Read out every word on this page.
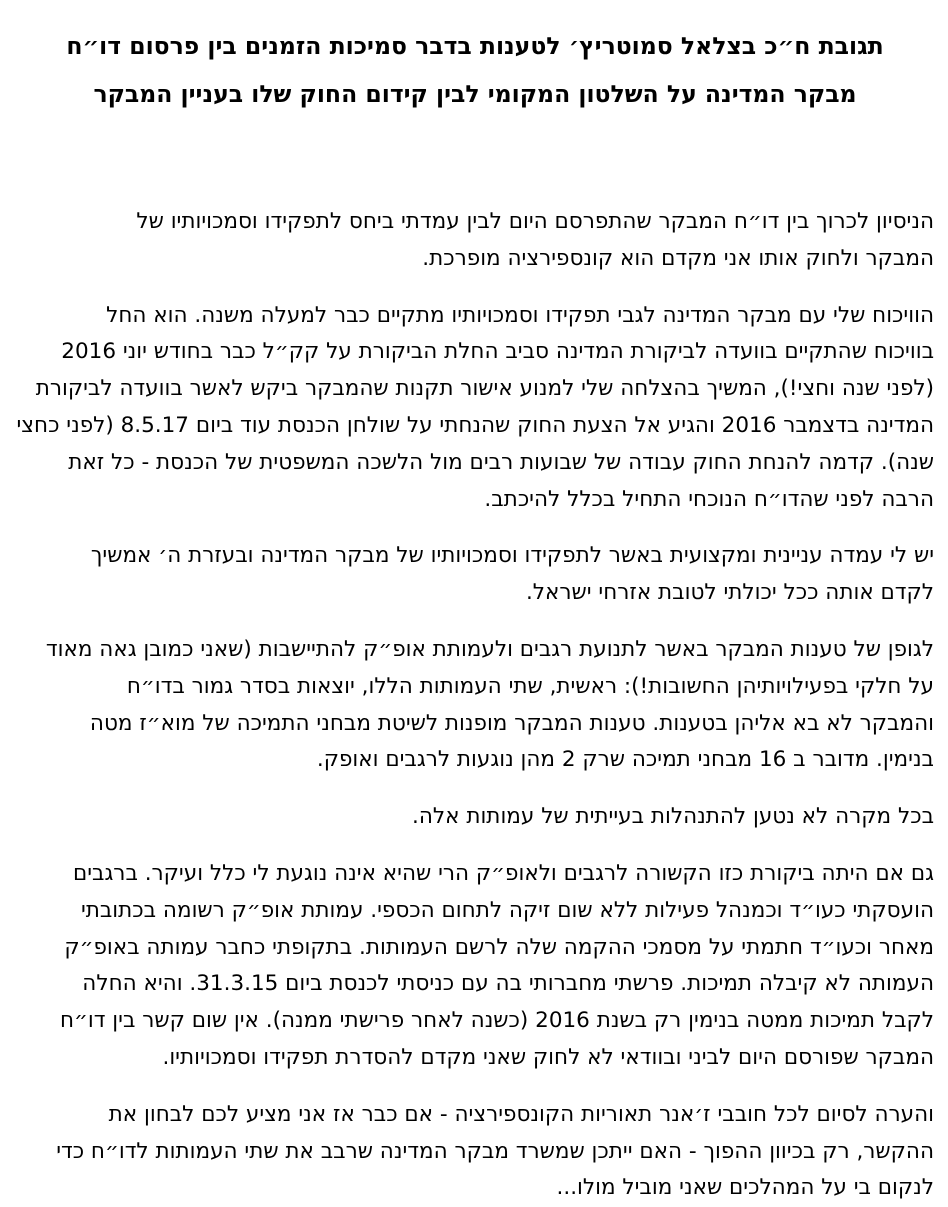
תגובת ח״כ בצלאל סמוטריץ׳ לטענות בדבר סמיכות הזמנים בין פרסום דו״ח
מבקר המדינה על השלטון המקומי לבין קידום החוק שלו בעניין המבקר

הניסיון לכרוך בין דו״ח המבקר שהתפרסם היום לבין עמדתי ביחס לתפקידו וסמכויותיו של
המבקר ולחוק אותו אני מקדם הוא קונספירציה מופרכת.

הוויכוח שלי עם מבקר המדינה לגבי תפקידו וסמכויותיו מתקיים כבר למעלה משנה. הוא החל
בוויכוח שהתקיים בוועדה לביקורת המדינה סביב החלת הביקורת על קק״ל כבר בחודש יוני 2016
(לפני שנה וחצי!), המשיך בהצלחה שלי למנוע אישור תקנות שהמבקר ביקש לאשר בוועדה לביקורת
המדינה בדצמבר 2016 והגיע אל הצעת החוק שהנחתי על שולחן הכנסת עוד ביום 8.5.17 (לפני כחצי
שנה). קדמה להנחת החוק עבודה של שבועות רבים מול הלשכה המשפטית של הכנסת - כל זאת
הרבה לפני שהדו״ח הנוכחי התחיל בכלל להיכתב.

יש לי עמדה עניינית ומקצועית באשר לתפקידו וסמכויותיו של מבקר המדינה ובעזרת ה׳ אמשיך
לקדם אותה ככל יכולתי לטובת אזרחי ישראל.

לגופן של טענות המבקר באשר לתנועת רגבים ולעמותת אופ״ק להתיישבות (שאני כמובן גאה מאוד
על חלקי בפעילויותיהן החשובות!): ראשית, שתי העמותות הללו, יוצאות בסדר גמור בדו״ח
והמבקר לא בא אליהן בטענות. טענות המבקר מופנות לשיטת מבחני התמיכה של מוא״ז מטה
בנימין. מדובר ב 16 מבחני תמיכה שרק 2 מהן נוגעות לרגבים ואופק.

בכל מקרה לא נטען להתנהלות בעייתית של עמותות אלה.

גם אם היתה ביקורת כזו הקשורה לרגבים ולאופ״ק הרי שהיא אינה נוגעת לי כלל ועיקר. ברגבים
הועסקתי כעו״ד וכמנהל פעילות ללא שום זיקה לתחום הכספי. עמותת אופ״ק רשומה בכתובתי
מאחר וכעו״ד חתמתי על מסמכי ההקמה שלה לרשם העמותות. בתקופתי כחבר עמותה באופ״ק
העמותה לא קיבלה תמיכות. פרשתי מחברותי בה עם כניסתי לכנסת ביום 31.3.15. והיא החלה
לקבל תמיכות ממטה בנימין רק בשנת 2016 (כשנה לאחר פרישתי ממנה). אין שום קשר בין דו״ח
המבקר שפורסם היום לביני ובוודאי לא לחוק שאני מקדם להסדרת תפקידו וסמכויותיו.

והערה לסיום לכל חובבי ז׳אנר תאוריות הקונספירציה - אם כבר אז אני מציע לכם לבחון את
ההקשר, רק בכיוון ההפוך - האם ייתכן שמשרד מבקר המדינה שרבב את שתי העמותות לדו״ח כדי
לנקום בי על המהלכים שאני מוביל מולו...
